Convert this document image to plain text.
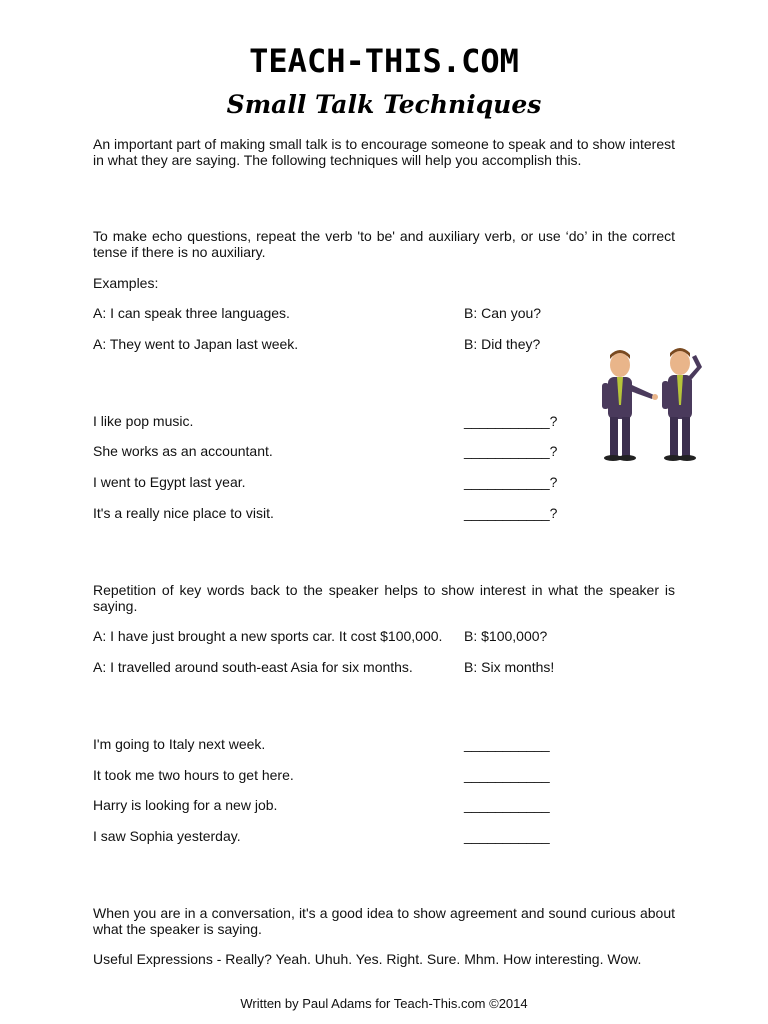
TEACH-THIS.COM
Small Talk Techniques
An important part of making small talk is to encourage someone to speak and to show interest in what they are saying. The following techniques will help you accomplish this.
To make echo questions, repeat the verb 'to be' and auxiliary verb, or use ‘do’ in the correct tense if there is no auxiliary.
Examples:
A: I can speak three languages.	B: Can you?
A: They went to Japan last week.	B: Did they?
I like pop music.	___________?
She works as an accountant.	___________?
I went to Egypt last year.	___________?
It's a really nice place to visit.	___________?
Repetition of key words back to the speaker helps to show interest in what the speaker is saying.
A: I have just brought a new sports car. It cost $100,000. B: $100,000?
A: I travelled around south-east Asia for six months.	B: Six months!
I'm going to Italy next week.	___________
It took me two hours to get here.	___________
Harry is looking for a new job.	___________
I saw Sophia yesterday.	___________
When you are in a conversation, it's a good idea to show agreement and sound curious about what the speaker is saying.
Useful Expressions - Really? Yeah. Uhuh. Yes. Right. Sure. Mhm. How interesting. Wow.
Written by Paul Adams for Teach-This.com ©2014
